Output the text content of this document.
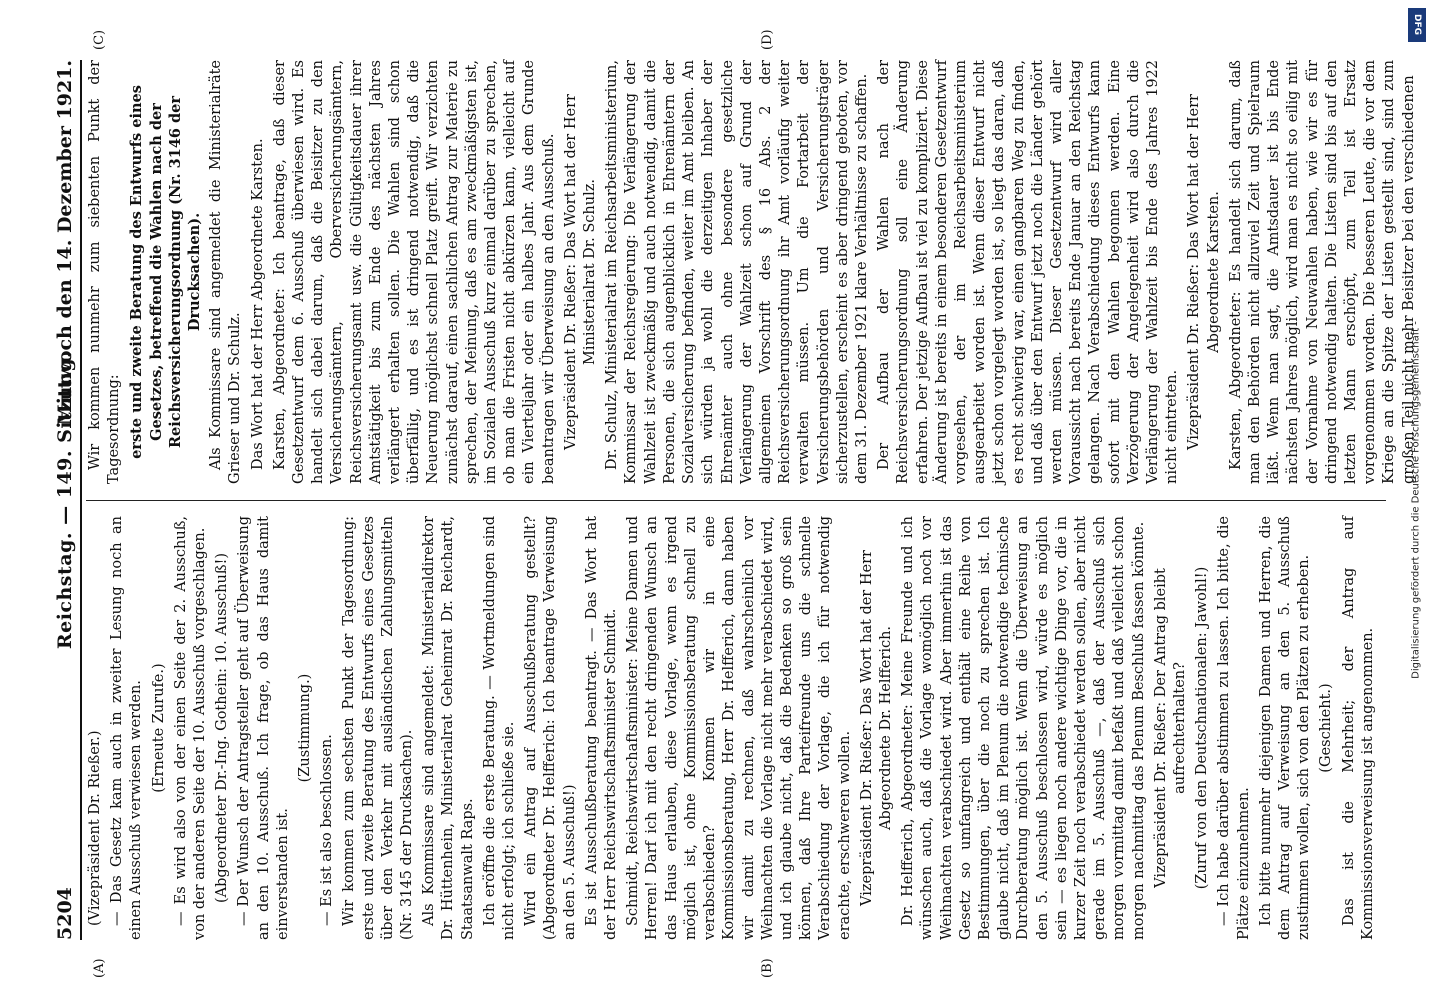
5204
Reichstag. — 149. Sitzung.
Mittwoch den 14. Dezember 1921.
(A)	(B)
(C)	(D)

(Vizepräsident Dr. Rießer.) — Das Gesetz kam auch in zweiter Lesung noch an einen Ausschuß verwiesen werden. (Erneute Zurufe.) — Es wird also von der einen Seite der 2. Ausschuß, von der anderen Seite der 10. Ausschuß vorgeschlagen. (Abgeordneter Dr.-Ing. Gothein: 10. Ausschuß!) — Der Wunsch der Antragsteller geht auf Überweisung an den 10. Ausschuß. Ich frage, ob das Haus damit einverstanden ist.

(Zustimmung.)

— Es ist also beschlossen. Wir kommen zum sechsten Punkt der Tagesordnung: erste und zweite Beratung des Entwurfs eines Gesetzes über den Verkehr mit ausländischen Zahlungsmitteln (Nr. 3145 der Drucksachen). Als Kommissare sind angemeldet: Ministerialdirektor Dr. Hüttenhein, Ministerialrat Geheimrat Dr. Reichardt, Staatsanwalt Raps. Ich eröffne die erste Beratung. — Wortmeldungen sind nicht erfolgt; ich schließe sie. Wird ein Antrag auf Ausschußberatung gestellt? (Abgeordneter Dr. Helfferich: Ich beantrage Verweisung an den 5. Ausschuß!) Es ist Ausschußberatung beantragt. — Das Wort hat der Herr Reichswirtschaftsminister Schmidt. Schmidt, Reichswirtschaftsminister: Meine Damen und Herren! Darf ich mit den recht dringenden Wunsch an das Haus erlauben, diese Vorlage, wenn es irgend möglich ist, ohne Kommissionsberatung schnell zu verabschieden? Kommen wir in eine Kommissionsberatung, Herr Dr. Helfferich, dann haben wir damit zu rechnen, daß wahrscheinlich vor Weihnachten die Vorlage nicht mehr verabschiedet wird, und ich glaube nicht, daß die Bedenken so groß sein können, daß Ihre Parteifreunde uns die schnelle Verabschiedung der Vorlage, die ich für notwendig erachte, erschweren wollen. Vizepräsident Dr. Rießer: Das Wort hat der Herr Abgeordnete Dr. Helfferich. Dr. Helfferich, Abgeordneter: Meine Freunde und ich wünschen auch, daß die Vorlage womöglich noch vor Weihnachten verabschiedet wird. Aber immerhin ist das Gesetz so umfangreich und enthält eine Reihe von Bestimmungen, über die noch zu sprechen ist. Ich glaube nicht, daß im Plenum die notwendige technische Durchberatung möglich ist. Wenn die Überweisung an den 5. Ausschuß beschlossen wird, würde es möglich sein — es liegen noch andere wichtige Dinge vor, die in kurzer Zeit noch verabschiedet werden sollen, aber nicht gerade im 5. Ausschuß —, daß der Ausschuß sich morgen vormittag damit befaßt und daß vielleicht schon morgen nachmittag das Plenum Beschluß fassen könnte. Vizepräsident Dr. Rießer: Der Antrag bleibt aufrechterhalten? (Zuruf von den Deutschnationalen: Jawohl!) — Ich habe darüber abstimmen zu lassen. Ich bitte, die Plätze einzunehmen. Ich bitte nunmehr diejenigen Damen und Herren, die dem Antrag auf Verweisung an den 5. Ausschuß zustimmen wollen, sich von den Plätzen zu erheben. (Geschieht.) Das ist die Mehrheit; der Antrag auf Kommissionsverweisung ist angenommen.

Wir kommen nunmehr zum siebenten Punkt der Tagesordnung: erste und zweite Beratung des Entwurfs eines Gesetzes, betreffend die Wahlen nach der Reichsversicherungsordnung (Nr. 3146 der Drucksachen). Als Kommissare sind angemeldet die Ministerialräte Grieser und Dr. Schulz. Das Wort hat der Herr Abgeordnete Karsten. Karsten, Abgeordneter: Ich beantrage, daß dieser Gesetzentwurf dem 6. Ausschuß überwiesen wird. Es handelt sich dabei darum, daß die Beisitzer zu den Versicherungsämtern, Oberversicherungsämtern, Reichsversicherungsamt usw. die Gültigkeitsdauer ihrer Amtstätigkeit bis zum Ende des nächsten Jahres verlängert erhalten sollen. Die Wahlen sind schon überfällig, und es ist dringend notwendig, daß die Neuerung möglichst schnell Platz greift. Wir verzichten zunächst darauf, einen sachlichen Antrag zur Materie zu sprechen, der Meinung, daß es am zweckmäßigsten ist, im Sozialen Ausschuß kurz einmal darüber zu sprechen, ob man die Fristen nicht abkürzen kann, vielleicht auf ein Vierteljahr oder ein halbes Jahr. Aus dem Grunde beantragen wir Überweisung an den Ausschuß. Vizepräsident Dr. Rießer: Das Wort hat der Herr Ministerialrat Dr. Schulz. Dr. Schulz, Ministerialrat im Reichsarbeitsministerium, Kommissar der Reichsregierung: Die Verlängerung der Wahlzeit ist zweckmäßig und auch notwendig, damit die Personen, die sich augenblicklich in Ehrenämtern der Sozialversicherung befinden, weiter im Amt bleiben. An sich würden ja wohl die derzeitigen Inhaber der Ehrenämter auch ohne besondere gesetzliche Verlängerung der Wahlzeit schon auf Grund der allgemeinen Vorschrift des § 16 Abs. 2 der Reichsversicherungsordnung ihr Amt vorläufig weiter verwalten müssen. Um die Fortarbeit der Versicherungsbehörden und Versicherungsträger sicherzustellen, erscheint es aber dringend geboten, vor dem 31. Dezember 1921 klare Verhältnisse zu schaffen. Der Aufbau der Wahlen nach der Reichsversicherungsordnung soll eine Änderung erfahren. Der jetzige Aufbau ist viel zu kompliziert. Diese Änderung ist bereits in einem besonderen Gesetzentwurf vorgesehen, der im Reichsarbeitsministerium ausgearbeitet worden ist. Wenn dieser Entwurf nicht jetzt schon vorgelegt worden ist, so liegt das daran, daß es recht schwierig war, einen gangbaren Weg zu finden, und daß über den Entwurf jetzt noch die Länder gehört werden müssen. Dieser Gesetzentwurf wird aller Voraussicht nach bereits Ende Januar an den Reichstag gelangen. Nach Verabschiedung dieses Entwurfs kann sofort mit den Wahlen begonnen werden. Eine Verzögerung der Angelegenheit wird also durch die Verlängerung der Wahlzeit bis Ende des Jahres 1922 nicht eintreten. Vizepräsident Dr. Rießer: Das Wort hat der Herr Abgeordnete Karsten. Karsten, Abgeordneter: Es handelt sich darum, daß man den Behörden nicht allzuviel Zeit und Spielraum läßt. Wenn man sagt, die Amtsdauer ist bis Ende nächsten Jahres möglich, wird man es nicht so eilig mit der Vornahme von Neuwahlen haben, wie wir es für dringend notwendig halten. Die Listen sind bis auf den letzten Mann erschöpft, zum Teil ist Ersatz vorgenommen worden. Die besseren Leute, die vor dem Kriege an die Spitze der Listen gestellt sind, sind zum großen Teil nicht mehr Beisitzer bei den verschiedenen

DFG
Digitalisierung gefördert durch die Deutsche Forschungsgemeinschaft -
